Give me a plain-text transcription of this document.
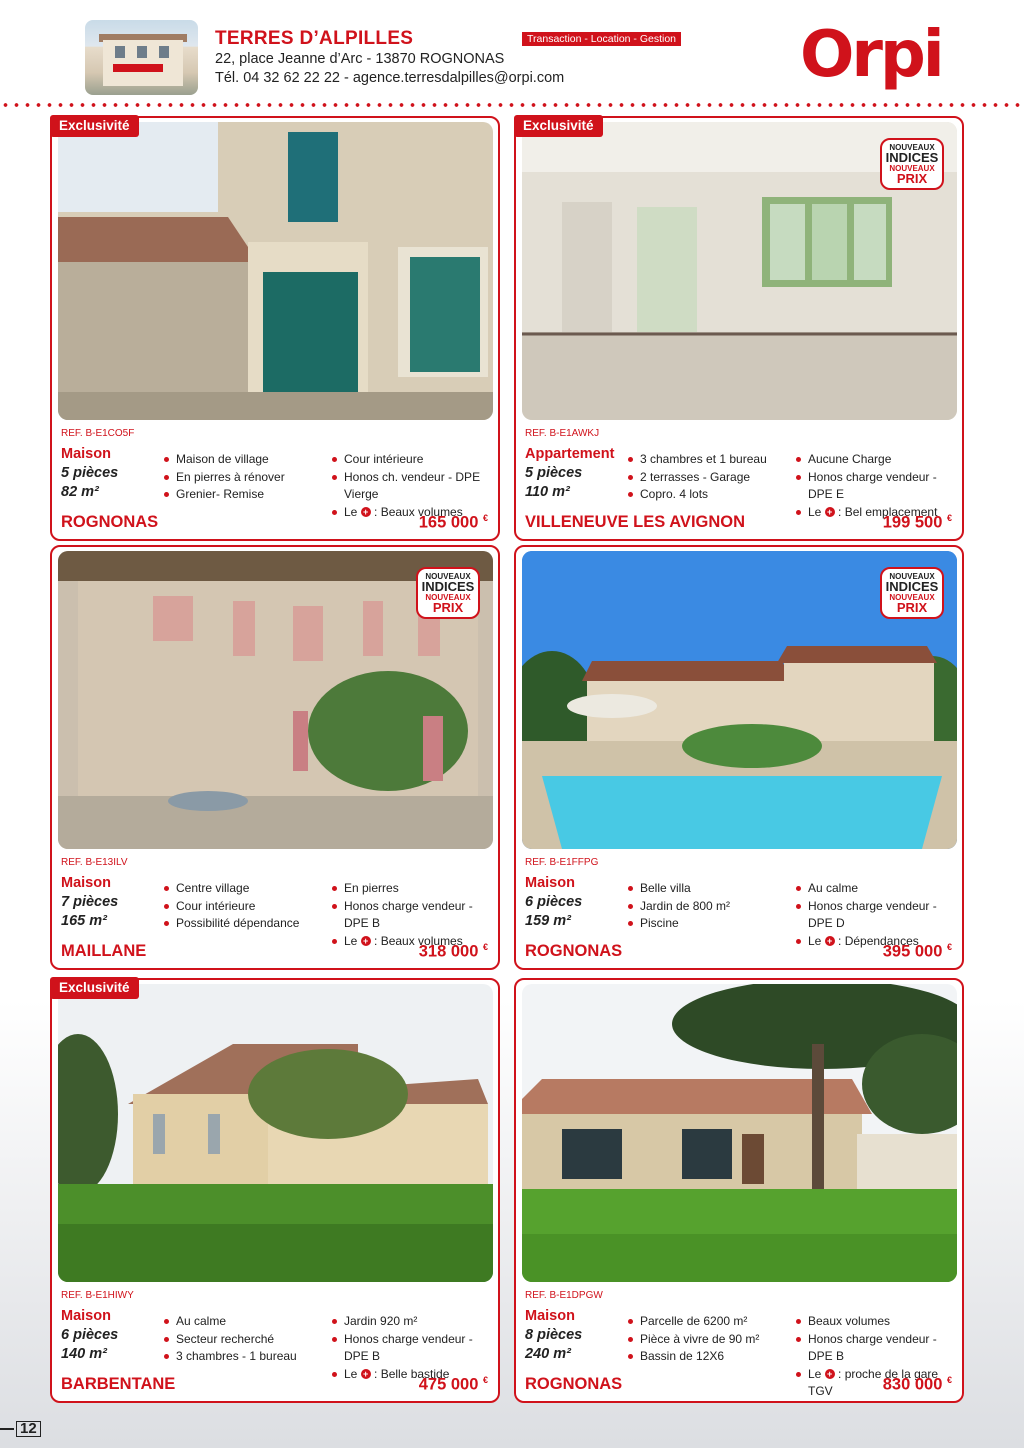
TERRES D’ALPILLES
22, place Jeanne d’Arc - 13870 ROGNONAS
Tél. 04 32 62 22 22 - agence.terresdalpilles@orpi.com
Transaction - Location - Gestion Orpi
Exclusivité
REF. B-E1CO5F
Maison
5 pièces
82 m²
Maison de village
En pierres à rénover
Grenier- Remise
Cour intérieure
Honos ch. vendeur - DPE Vierge
Le + : Beaux volumes
ROGNONAS	165 000 €
Exclusivité
NOUVEAUX
INDICES
NOUVEAUX
PRIX
REF. B-E1AWKJ
Appartement
5 pièces
110 m²
3 chambres et 1 bureau
2 terrasses - Garage
Copro. 4 lots
Aucune Charge
Honos charge vendeur - DPE E
Le + : Bel emplacement
VILLENEUVE LES AVIGNON	199 500 €
NOUVEAUX
INDICES
NOUVEAUX
PRIX
REF. B-E13ILV
Maison
7 pièces
165 m²
Centre village
Cour intérieure
Possibilité dépendance
En pierres
Honos charge vendeur - DPE B
Le + : Beaux volumes
MAILLANE	318 000 €
NOUVEAUX
INDICES
NOUVEAUX
PRIX
REF. B-E1FFPG
Maison
6 pièces
159 m²
Belle villa
Jardin de 800 m²
Piscine
Au calme
Honos charge vendeur - DPE D
Le + : Dépendances
ROGNONAS	395 000 €
Exclusivité
REF. B-E1HIWY
Maison
6 pièces
140 m²
Au calme
Secteur recherché
3 chambres - 1 bureau
Jardin 920 m²
Honos charge vendeur - DPE B
Le + : Belle bastide
BARBENTANE	475 000 €
REF. B-E1DPGW
Maison
8 pièces
240 m²
Parcelle de 6200 m²
Pièce à vivre de 90 m²
Bassin de 12X6
Beaux volumes
Honos charge vendeur - DPE B
Le + : proche de la gare TGV
ROGNONAS	830 000 €
12
